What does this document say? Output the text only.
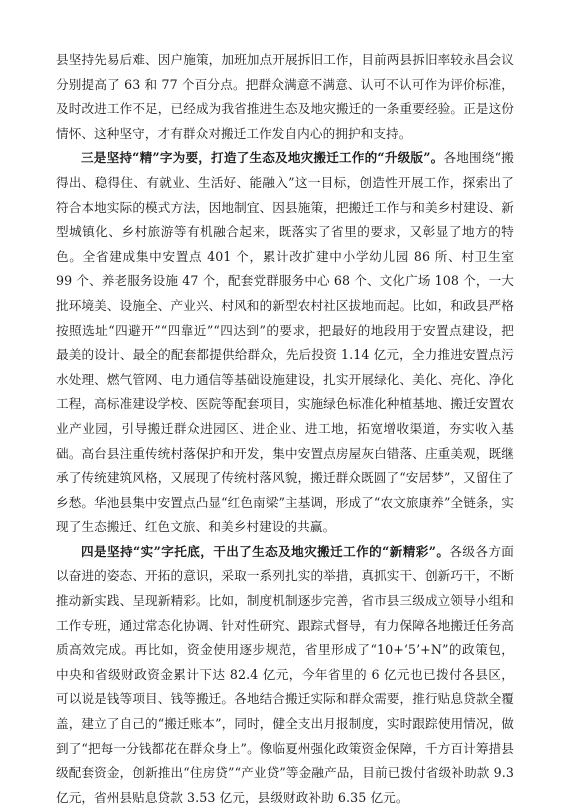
县坚持先易后难、因户施策，加班加点开展拆旧工作，目前两县拆旧率较永昌会议分别提高了 63 和 77 个百分点。把群众满意不满意、认可不认可作为评价标准，及时改进工作不足，已经成为我省推进生态及地灾搬迁的一条重要经验。正是这份情怀、这种坚守，才有群众对搬迁工作发自内心的拥护和支持。

三是坚持“精”字为要，打造了生态及地灾搬迁工作的“升级版”。各地围绕“搬得出、稳得住、有就业、生活好、能融入”这一目标，创造性开展工作，探索出了符合本地实际的模式方法，因地制宜、因县施策，把搬迁工作与和美乡村建设、新型城镇化、乡村旅游等有机融合起来，既落实了省里的要求，又彰显了地方的特色。全省建成集中安置点 401 个，累计改扩建中小学幼儿园 86 所、村卫生室 99 个、养老服务设施 47 个，配套党群服务中心 68 个、文化广场 108 个，一大批环境美、设施全、产业兴、村风和的新型农村社区拔地而起。比如，和政县严格按照选址“四避开”“四靠近”“四达到”的要求，把最好的地段用于安置点建设，把最美的设计、最全的配套都提供给群众，先后投资 1.14 亿元，全力推进安置点污水处理、燃气管网、电力通信等基础设施建设，扎实开展绿化、美化、亮化、净化工程，高标准建设学校、医院等配套项目，实施绿色标准化种植基地、搬迁安置农业产业园，引导搬迁群众进园区、进企业、进工地，拓宽增收渠道，夯实收入基础。高台县注重传统村落保护和开发，集中安置点房屋灰白错落、庄重美观，既继承了传统建筑风格，又展现了传统村落风貌，搬迁群众既圆了“安居梦”，又留住了乡愁。华池县集中安置点凸显“红色南梁”主基调，形成了“农文旅康养”全链条，实现了生态搬迁、红色文旅、和美乡村建设的共赢。

四是坚持“实”字托底，干出了生态及地灾搬迁工作的“新精彩”。各级各方面以奋进的姿态、开拓的意识，采取一系列扎实的举措，真抓实干、创新巧干，不断推动新实践、呈现新精彩。比如，制度机制逐步完善，省市县三级成立领导小组和工作专班，通过常态化协调、针对性研究、跟踪式督导，有力保障各地搬迁任务高质高效完成。再比如，资金使用逐步规范，省里形成了“10+‘5’+N”的政策包，中央和省级财政资金累计下达 82.4 亿元，今年省里的 6 亿元也已拨付各县区，可以说是钱等项目、钱等搬迁。各地结合搬迁实际和群众需要，推行贴息贷款全覆盖，建立了自己的“搬迁账本”，同时，健全支出月报制度，实时跟踪使用情况，做到了“把每一分钱都花在群众身上”。像临夏州强化政策资金保障，千方百计筹措县级配套资金，创新推出“住房贷”“产业贷”等金融产品，目前已拨付省级补助款 9.3 亿元，省州县贴息贷款 3.53 亿元，县级财政补助 6.35 亿元。
